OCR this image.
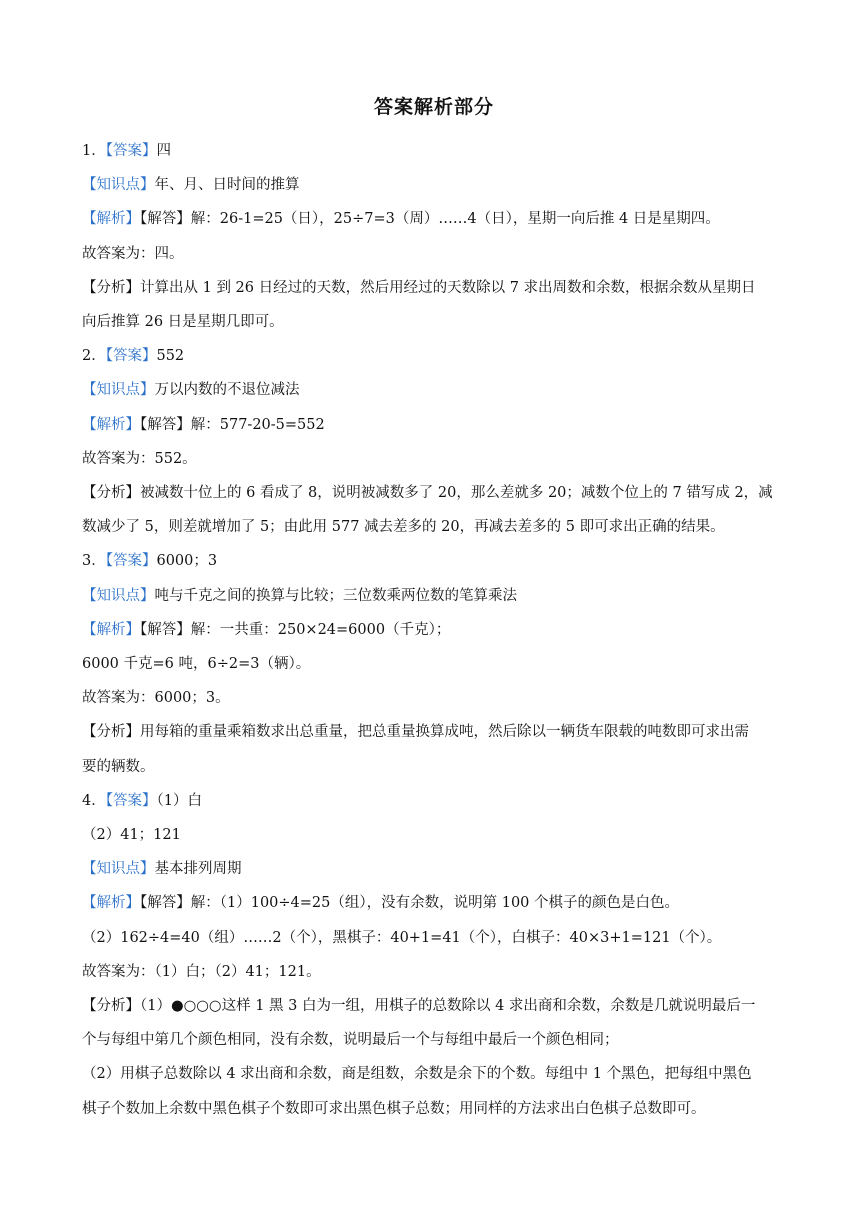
答案解析部分
1．【答案】四
【知识点】年、月、日时间的推算
【解析】【解答】解：26-1=25（日），25÷7=3（周）……4（日），星期一向后推 4 日是星期四。
故答案为：四。
【分析】计算出从 1 到 26 日经过的天数，然后用经过的天数除以 7 求出周数和余数，根据余数从星期日
向后推算 26 日是星期几即可。
2．【答案】552
【知识点】万以内数的不退位减法
【解析】【解答】解：577-20-5=552
故答案为：552。
【分析】被减数十位上的 6 看成了 8，说明被减数多了 20，那么差就多 20；减数个位上的 7 错写成 2，减
数减少了 5，则差就增加了 5；由此用 577 减去差多的 20，再减去差多的 5 即可求出正确的结果。
3．【答案】6000；3
【知识点】吨与千克之间的换算与比较；三位数乘两位数的笔算乘法
【解析】【解答】解：一共重：250×24=6000（千克）；
6000 千克=6 吨，6÷2=3（辆）。
故答案为：6000；3。
【分析】用每箱的重量乘箱数求出总重量，把总重量换算成吨，然后除以一辆货车限载的吨数即可求出需
要的辆数。
4．【答案】（1）白
（2）41；121
【知识点】基本排列周期
【解析】【解答】解：（1）100÷4=25（组），没有余数，说明第 100 个棋子的颜色是白色。
（2）162÷4=40（组）……2（个），黑棋子：40+1=41（个），白棋子：40×3+1=121（个）。
故答案为：（1）白；（2）41；121。
【分析】（1）●○○○这样 1 黑 3 白为一组，用棋子的总数除以 4 求出商和余数，余数是几就说明最后一
个与每组中第几个颜色相同，没有余数，说明最后一个与每组中最后一个颜色相同；
（2）用棋子总数除以 4 求出商和余数，商是组数，余数是余下的个数。每组中 1 个黑色，把每组中黑色
棋子个数加上余数中黑色棋子个数即可求出黑色棋子总数；用同样的方法求出白色棋子总数即可。
